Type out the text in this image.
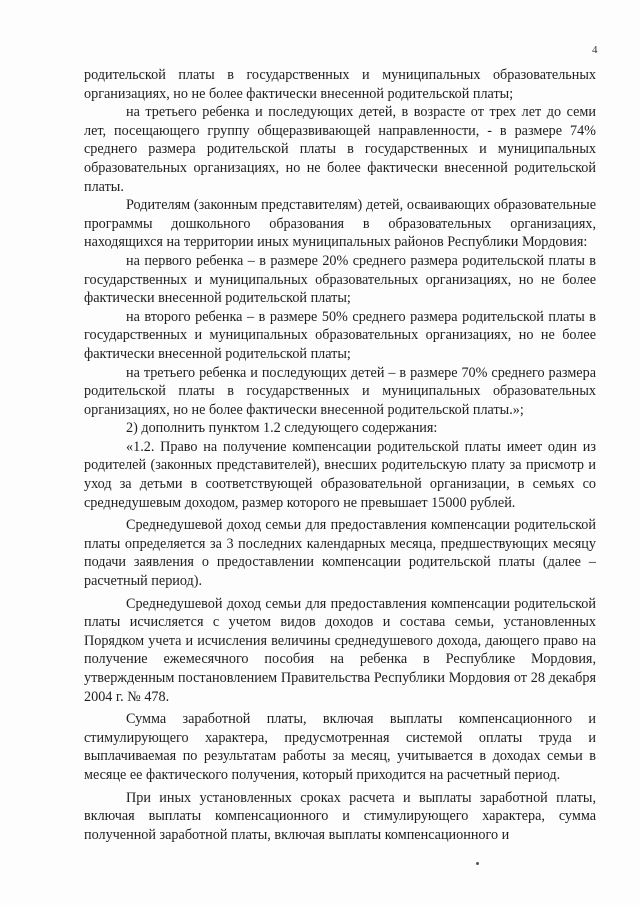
4

родительской платы в государственных и муниципальных образовательных организациях, но не более фактически внесенной родительской платы;

на третьего ребенка и последующих детей, в возрасте от трех лет до семи лет, посещающего группу общеразвивающей направленности, - в размере 74% среднего размера родительской платы в государственных и муниципальных образовательных организациях, но не более фактически внесенной родительской платы.

Родителям (законным представителям) детей, осваивающих образовательные программы дошкольного образования в образовательных организациях, находящихся на территории иных муниципальных районов Республики Мордовия:

на первого ребенка – в размере 20% среднего размера родительской платы в государственных и муниципальных образовательных организациях, но не более фактически внесенной родительской платы;

на второго ребенка – в размере 50% среднего размера родительской платы в государственных и муниципальных образовательных организациях, но не более фактически внесенной родительской платы;

на третьего ребенка и последующих детей – в размере 70% среднего размера родительской платы в государственных и муниципальных образовательных организациях, но не более фактически внесенной родительской платы.»;

2) дополнить пунктом 1.2 следующего содержания:

«1.2. Право на получение компенсации родительской платы имеет один из родителей (законных представителей), внесших родительскую плату за присмотр и уход за детьми в соответствующей образовательной организации, в семьях со среднедушевым доходом, размер которого не превышает 15000 рублей.

Среднедушевой доход семьи для предоставления компенсации родительской платы определяется за 3 последних календарных месяца, предшествующих месяцу подачи заявления о предоставлении компенсации родительской платы (далее – расчетный период).

Среднедушевой доход семьи для предоставления компенсации родительской платы исчисляется с учетом видов доходов и состава семьи, установленных Порядком учета и исчисления величины среднедушевого дохода, дающего право на получение ежемесячного пособия на ребенка в Республике Мордовия, утвержденным постановлением Правительства Республики Мордовия от 28 декабря 2004 г. № 478.

Сумма заработной платы, включая выплаты компенсационного и стимулирующего характера, предусмотренная системой оплаты труда и выплачиваемая по результатам работы за месяц, учитывается в доходах семьи в месяце ее фактического получения, который приходится на расчетный период.

При иных установленных сроках расчета и выплаты заработной платы, включая выплаты компенсационного и стимулирующего характера, сумма полученной заработной платы, включая выплаты компенсационного и
